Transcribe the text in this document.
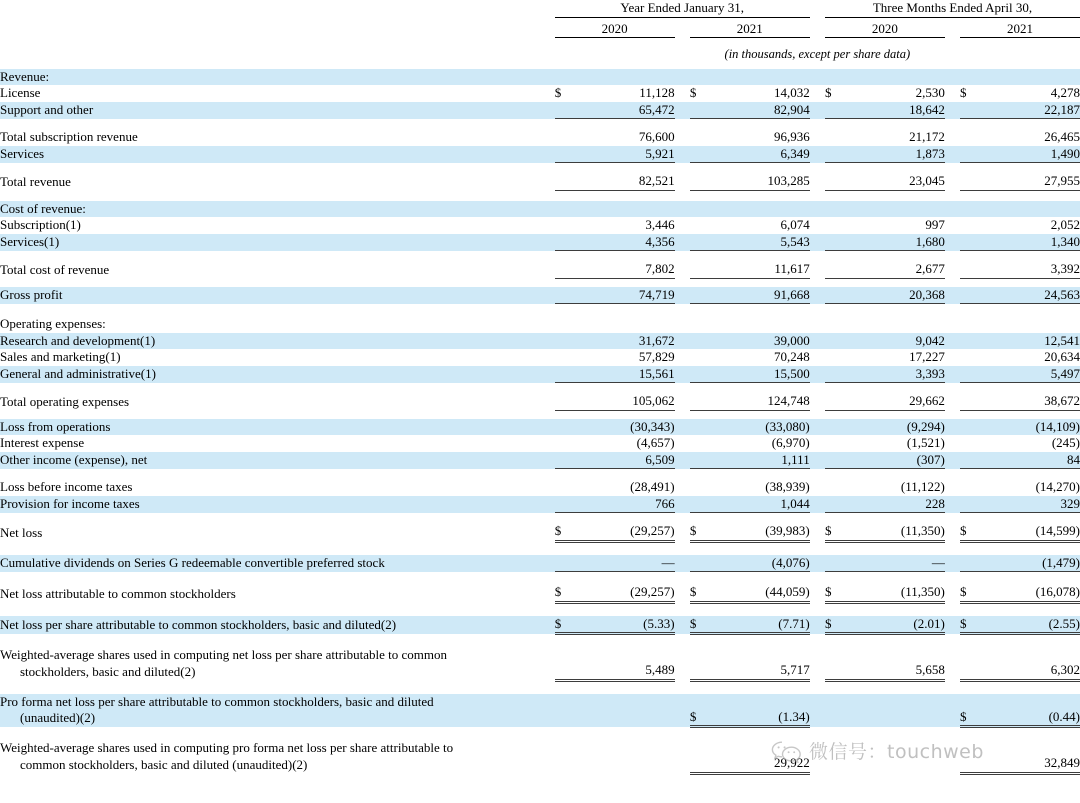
	Year Ended January 31,						Three Months Ended April 30,				

	2020			2021			2020			2021	

	(in thousands, except per share data)										

Revenue:											
License	$	11,128		$	14,032		$	2,530		$	4,278
Support and other		65,472			82,904			18,642			22,187

Total subscription revenue		76,600			96,936			21,172			26,465
Services		5,921			6,349			1,873			1,490

Total revenue		82,521			103,285			23,045			27,955

Cost of revenue:											
Subscription(1)		3,446			6,074			997			2,052
Services(1)		4,356			5,543			1,680			1,340

Total cost of revenue		7,802			11,617			2,677			3,392

Gross profit		74,719			91,668			20,368			24,563

Operating expenses:											
Research and development(1)		31,672			39,000			9,042			12,541
Sales and marketing(1)		57,829			70,248			17,227			20,634
General and administrative(1)		15,561			15,500			3,393			5,497

Total operating expenses		105,062			124,748			29,662			38,672

Loss from operations		(30,343)			(33,080)			(9,294)			(14,109)
Interest expense		(4,657)			(6,970)			(1,521)			(245)
Other income (expense), net		6,509			1,111			(307)			84

Loss before income taxes		(28,491)			(38,939)			(11,122)			(14,270)
Provision for income taxes		766			1,044			228			329

Net loss	$	(29,257)		$	(39,983)		$	(11,350)		$	(14,599)

Cumulative dividends on Series G redeemable convertible preferred stock		—			(4,076)			—			(1,479)

Net loss attributable to common stockholders	$	(29,257)		$	(44,059)		$	(11,350)		$	(16,078)

Net loss per share attributable to common stockholders, basic and diluted(2)	$	(5.33)		$	(7.71)		$	(2.01)		$	(2.55)

Weighted-average shares used in computing net loss per share attributable to common
stockholders, basic and diluted(2)		5,489			5,717			5,658			6,302

Pro forma net loss per share attributable to common stockholders, basic and diluted
(unaudited)(2)				$	(1.34)					$	(0.44)

Weighted-average shares used in computing pro forma net loss per share attributable to
common stockholders, basic and diluted (unaudited)(2)					29,922						32,849
微信号：touchweb
